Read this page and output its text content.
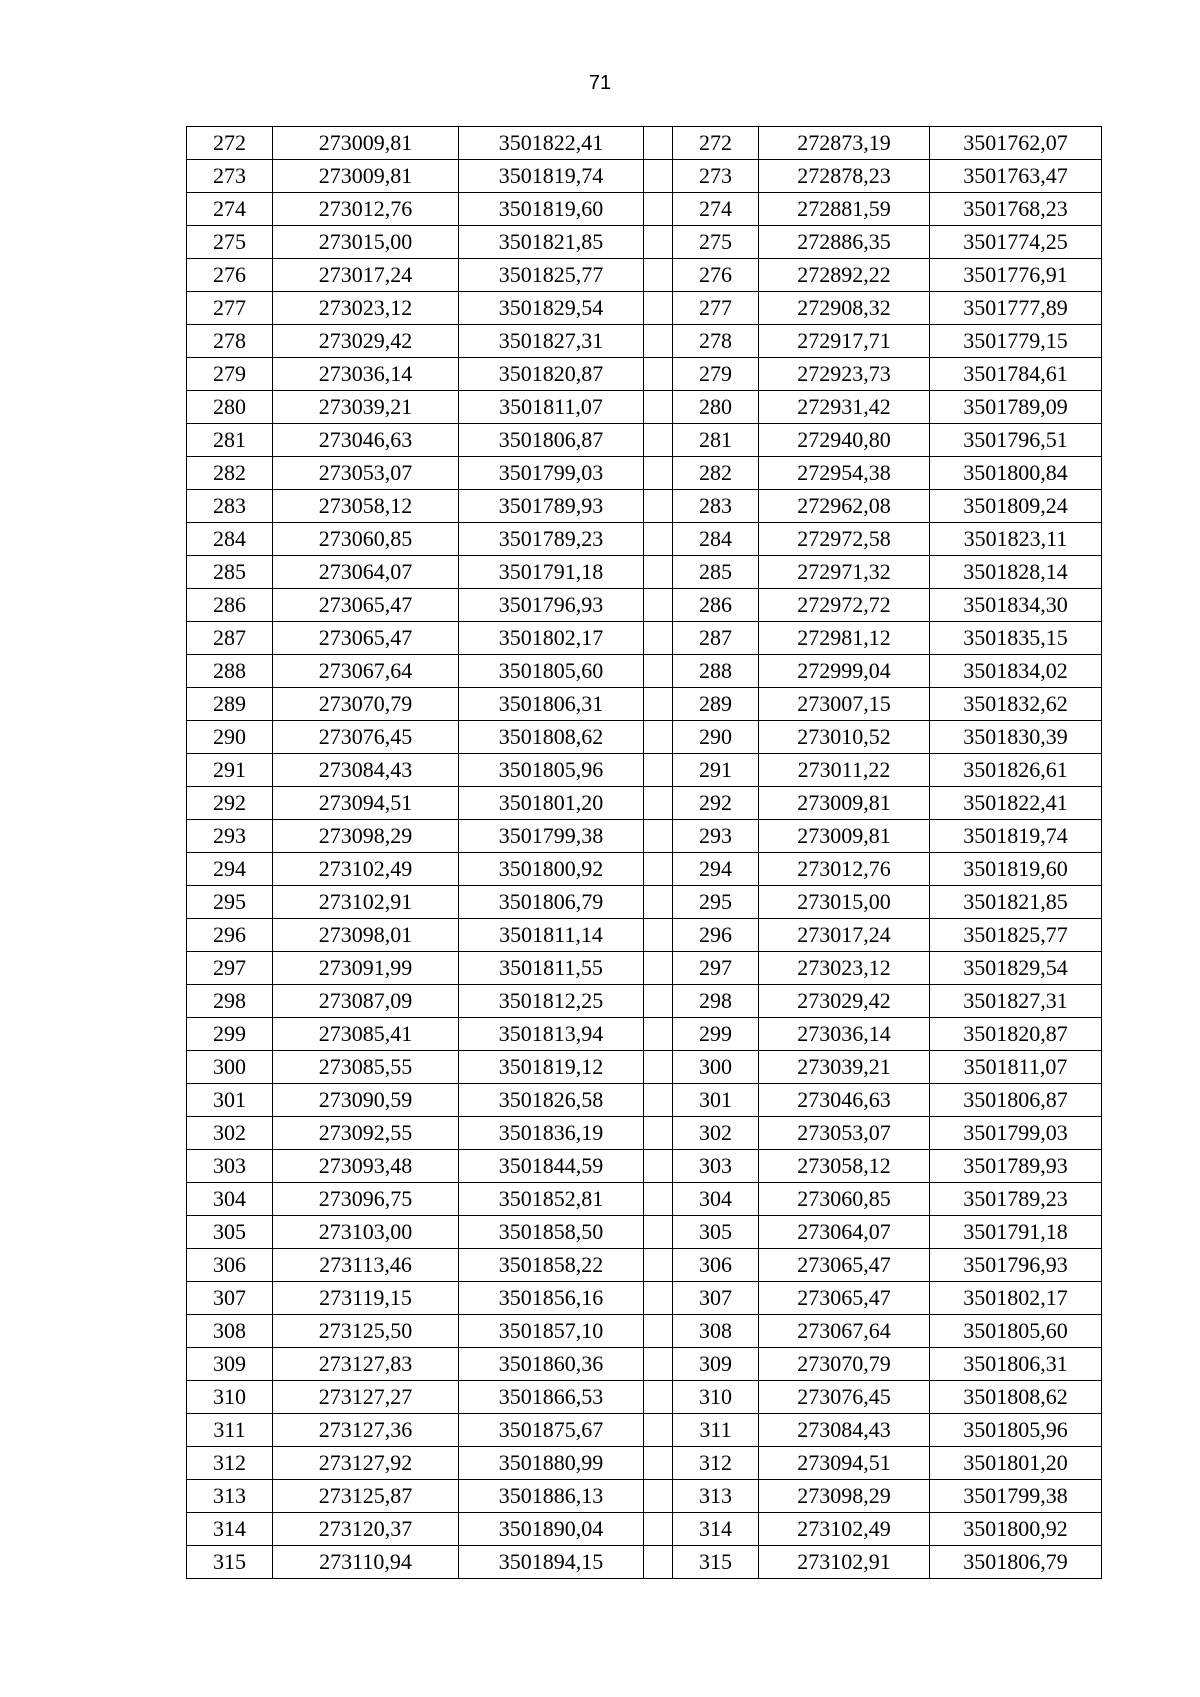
71
272	273009,81	3501822,41		272	272873,19	3501762,07
273	273009,81	3501819,74		273	272878,23	3501763,47
274	273012,76	3501819,60		274	272881,59	3501768,23
275	273015,00	3501821,85		275	272886,35	3501774,25
276	273017,24	3501825,77		276	272892,22	3501776,91
277	273023,12	3501829,54		277	272908,32	3501777,89
278	273029,42	3501827,31		278	272917,71	3501779,15
279	273036,14	3501820,87		279	272923,73	3501784,61
280	273039,21	3501811,07		280	272931,42	3501789,09
281	273046,63	3501806,87		281	272940,80	3501796,51
282	273053,07	3501799,03		282	272954,38	3501800,84
283	273058,12	3501789,93		283	272962,08	3501809,24
284	273060,85	3501789,23		284	272972,58	3501823,11
285	273064,07	3501791,18		285	272971,32	3501828,14
286	273065,47	3501796,93		286	272972,72	3501834,30
287	273065,47	3501802,17		287	272981,12	3501835,15
288	273067,64	3501805,60		288	272999,04	3501834,02
289	273070,79	3501806,31		289	273007,15	3501832,62
290	273076,45	3501808,62		290	273010,52	3501830,39
291	273084,43	3501805,96		291	273011,22	3501826,61
292	273094,51	3501801,20		292	273009,81	3501822,41
293	273098,29	3501799,38		293	273009,81	3501819,74
294	273102,49	3501800,92		294	273012,76	3501819,60
295	273102,91	3501806,79		295	273015,00	3501821,85
296	273098,01	3501811,14		296	273017,24	3501825,77
297	273091,99	3501811,55		297	273023,12	3501829,54
298	273087,09	3501812,25		298	273029,42	3501827,31
299	273085,41	3501813,94		299	273036,14	3501820,87
300	273085,55	3501819,12		300	273039,21	3501811,07
301	273090,59	3501826,58		301	273046,63	3501806,87
302	273092,55	3501836,19		302	273053,07	3501799,03
303	273093,48	3501844,59		303	273058,12	3501789,93
304	273096,75	3501852,81		304	273060,85	3501789,23
305	273103,00	3501858,50		305	273064,07	3501791,18
306	273113,46	3501858,22		306	273065,47	3501796,93
307	273119,15	3501856,16		307	273065,47	3501802,17
308	273125,50	3501857,10		308	273067,64	3501805,60
309	273127,83	3501860,36		309	273070,79	3501806,31
310	273127,27	3501866,53		310	273076,45	3501808,62
311	273127,36	3501875,67		311	273084,43	3501805,96
312	273127,92	3501880,99		312	273094,51	3501801,20
313	273125,87	3501886,13		313	273098,29	3501799,38
314	273120,37	3501890,04		314	273102,49	3501800,92
315	273110,94	3501894,15		315	273102,91	3501806,79
